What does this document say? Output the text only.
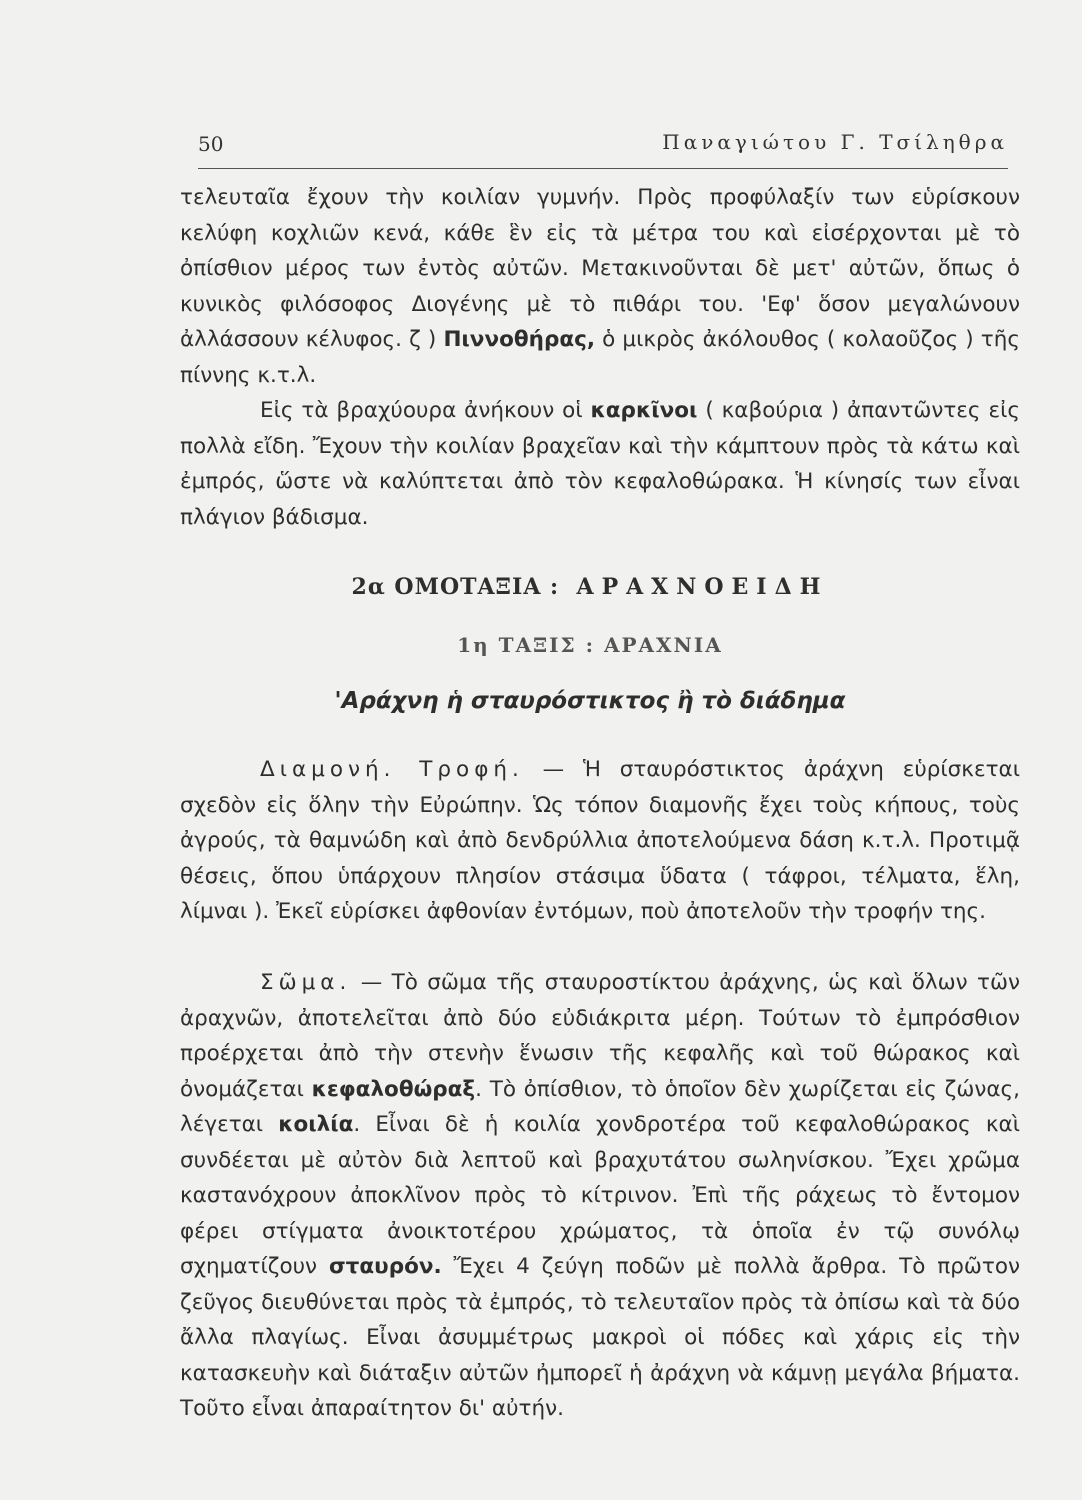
50	Παναγιώτου Γ. Τσίληθρα

τελευταῖα ἔχουν τὴν κοιλίαν γυμνήν. Πρὸς προφύλαξίν των εὑρίσκουν κελύφη κοχλιῶν κενά, κάθε ἓν εἰς τὰ μέτρα του καὶ εἰσέρχονται μὲ τὸ ὀπίσθιον μέρος των ἐντὸς αὐτῶν. Μετακινοῦνται δὲ μετ' αὐτῶν, ὅπως ὁ κυνικὸς φιλόσοφος Διογένης μὲ τὸ πιθάρι του. 'Εφ' ὅσον μεγαλώνουν ἀλλάσσουν κέλυφος. ζ ) Πιννοθήρας, ὁ μικρὸς ἀκόλουθος ( κολαοῦζος ) τῆς πίννης κ.τ.λ.

Εἰς τὰ βραχύουρα ἀνήκουν οἱ καρκῖνοι ( καβούρια ) ἀπαντῶντες εἰς πολλὰ εἴδη. Ἔχουν τὴν κοιλίαν βραχεῖαν καὶ τὴν κάμπτουν πρὸς τὰ κάτω καὶ ἐμπρός, ὥστε νὰ καλύπτεται ἀπὸ τὸν κεφαλοθώρακα. Ἡ κίνησίς των εἶναι πλάγιον βάδισμα.

2α ΟΜΟΤΑΞΙΑ : ΑΡΑΧΝΟΕΙΔΗ
1η ΤΑΞΙΣ : ΑΡΑΧΝΙΑ
'Αράχνη ἡ σταυρόστικτος ἢ τὸ διάδημα

Διαμονή. Τροφή. — Ἡ σταυρόστικτος ἀράχνη εὑρίσκεται σχεδὸν εἰς ὅλην τὴν Εὐρώπην. Ὡς τόπον διαμονῆς ἔχει τοὺς κήπους, τοὺς ἀγρούς, τὰ θαμνώδη καὶ ἀπὸ δενδρύλλια ἀποτελούμενα δάση κ.τ.λ. Προτιμᾷ θέσεις, ὅπου ὑπάρχουν πλησίον στάσιμα ὕδατα ( τάφροι, τέλματα, ἕλη, λίμναι ). Ἐκεῖ εὑρίσκει ἀφθονίαν ἐντόμων, ποὺ ἀποτελοῦν τὴν τροφήν της.

Σῶμα. — Τὸ σῶμα τῆς σταυροστίκτου ἀράχνης, ὡς καὶ ὅλων τῶν ἀραχνῶν, ἀποτελεῖται ἀπὸ δύο εὐδιάκριτα μέρη. Τούτων τὸ ἐμπρόσθιον προέρχεται ἀπὸ τὴν στενὴν ἕνωσιν τῆς κεφαλῆς καὶ τοῦ θώρακος καὶ ὀνομάζεται κεφαλοθώραξ. Τὸ ὀπίσθιον, τὸ ὁποῖον δὲν χωρίζεται εἰς ζώνας, λέγεται κοιλία. Εἶναι δὲ ἡ κοιλία χονδροτέρα τοῦ κεφαλοθώρακος καὶ συνδέεται μὲ αὐτὸν διὰ λεπτοῦ καὶ βραχυτάτου σωληνίσκου. Ἔχει χρῶμα καστανόχρουν ἀποκλῖνον πρὸς τὸ κίτρινον. Ἐπὶ τῆς ράχεως τὸ ἔντομον φέρει στίγματα ἀνοικτοτέρου χρώματος, τὰ ὁποῖα ἐν τῷ συνόλῳ σχηματίζουν σταυρόν. Ἔχει 4 ζεύγη ποδῶν μὲ πολλὰ ἄρθρα. Τὸ πρῶτον ζεῦγος διευθύνεται πρὸς τὰ ἐμπρός, τὸ τελευταῖον πρὸς τὰ ὀπίσω καὶ τὰ δύο ἄλλα πλαγίως. Εἶναι ἀσυμμέτρως μακροὶ οἱ πόδες καὶ χάρις εἰς τὴν κατασκευὴν καὶ διάταξιν αὐτῶν ἠμπορεῖ ἡ ἀράχνη νὰ κάμνῃ μεγάλα βήματα. Τοῦτο εἶναι ἀπαραίτητον δι' αὐτήν.
